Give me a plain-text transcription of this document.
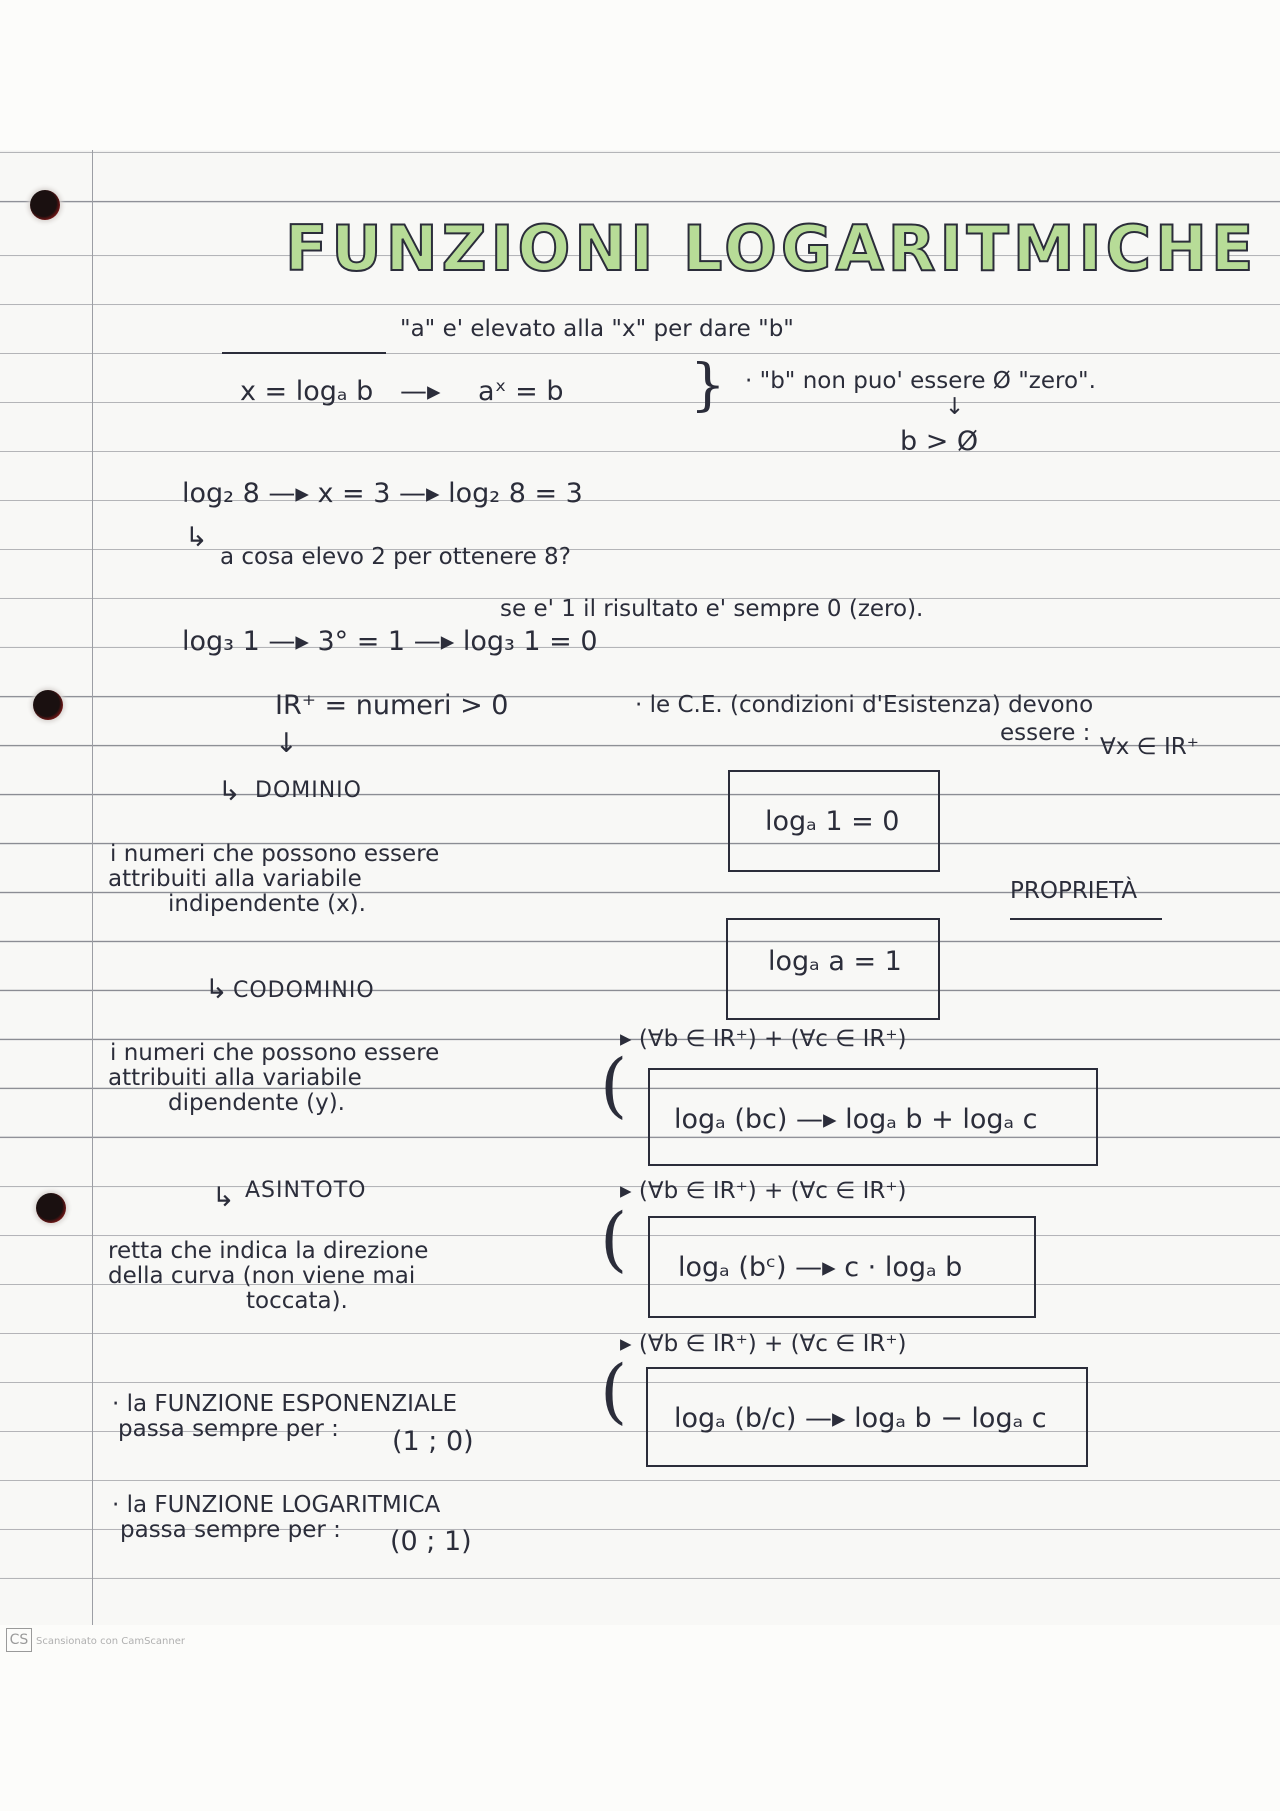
FUNZIONI LOGARITMICHE
"a" e' elevato alla "x" per dare "b"
x = logₐ b —▸ aˣ = b } · "b" non puo' essere Ø "zero".
↓
b > Ø
log₂ 8 —▸ x = 3 —▸ log₂ 8 = 3
↳
a cosa elevo 2 per ottenere 8?
se e' 1 il risultato e' sempre 0 (zero).
log₃ 1 —▸ 3° = 1 —▸ log₃ 1 = 0
IR⁺ = numeri > 0	· le C.E. (condizioni d'Esistenza) devono
essere :
∀x ∈ IR⁺
↓
↳ DOMINIO
i numeri che possono essere
attribuiti alla variabile
indipendente (x).
↳ CODOMINIO
i numeri che possono essere
attribuiti alla variabile
dipendente (y).
↳ ASINTOTO
retta che indica la direzione
della curva (non viene mai
toccata).
· la FUNZIONE ESPONENZIALE
passa sempre per : (1 ; 0)
· la FUNZIONE LOGARITMICA
passa sempre per : (0 ; 1)
logₐ 1 = 0
PROPRIETÀ
logₐ a = 1
▸ (∀b ∈ IR⁺) + (∀c ∈ IR⁺)
( logₐ (bc) —▸ logₐ b + logₐ c
▸ (∀b ∈ IR⁺) + (∀c ∈ IR⁺)
( logₐ (bᶜ) —▸ c · logₐ b
▸ (∀b ∈ IR⁺) + (∀c ∈ IR⁺)
( logₐ (b/c) —▸ logₐ b − logₐ c
CS Scansionato con CamScanner
